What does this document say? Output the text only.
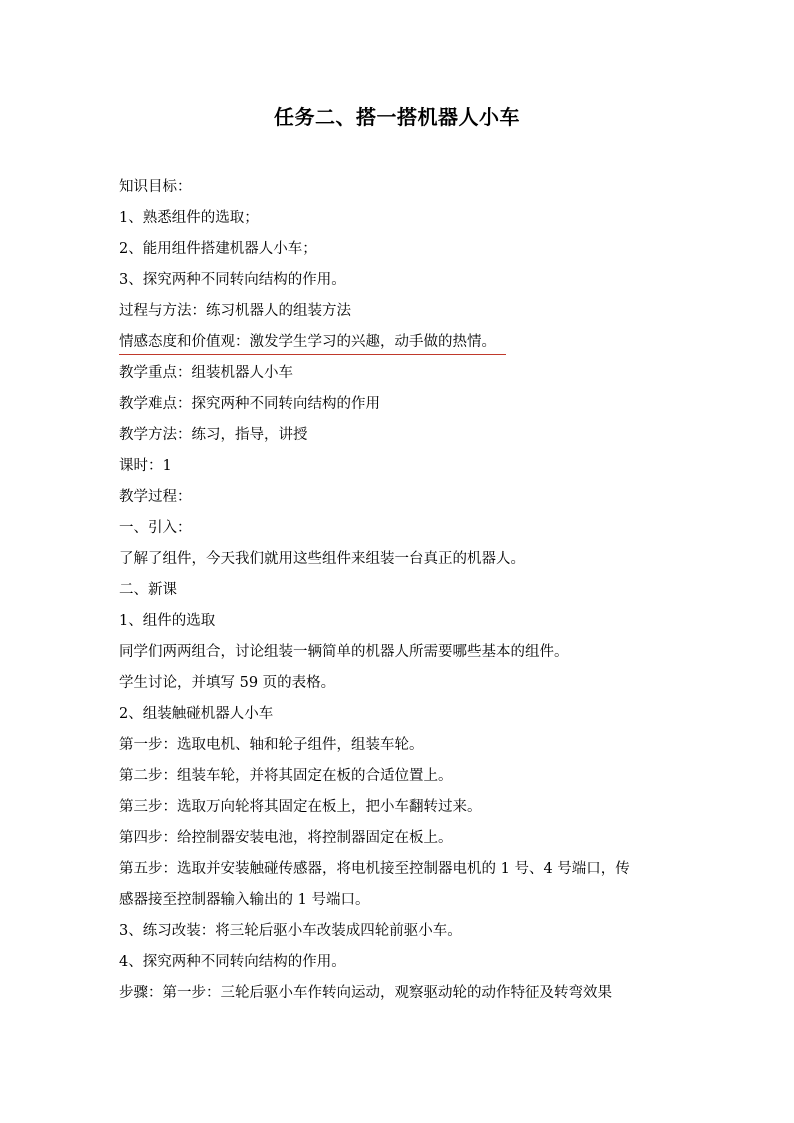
任务二、搭一搭机器人小车

知识目标：

1、熟悉组件的选取；

2、能用组件搭建机器人小车；

3、探究两种不同转向结构的作用。

过程与方法：练习机器人的组装方法

情感态度和价值观：激发学生学习的兴趣，动手做的热情。

教学重点：组装机器人小车

教学难点：探究两种不同转向结构的作用

教学方法：练习，指导，讲授

课时：1

教学过程：

一、引入：

了解了组件，今天我们就用这些组件来组装一台真正的机器人。

二、新课

1、组件的选取

同学们两两组合，讨论组装一辆简单的机器人所需要哪些基本的组件。

学生讨论，并填写 59 页的表格。

2、组装触碰机器人小车

第一步：选取电机、轴和轮子组件，组装车轮。

第二步：组装车轮，并将其固定在板的合适位置上。

第三步：选取万向轮将其固定在板上，把小车翻转过来。

第四步：给控制器安装电池，将控制器固定在板上。

第五步：选取并安装触碰传感器，将电机接至控制器电机的 1 号、4 号端口，传

感器接至控制器输入输出的 1 号端口。

3、练习改装：将三轮后驱小车改装成四轮前驱小车。

4、探究两种不同转向结构的作用。

步骤：第一步：三轮后驱小车作转向运动，观察驱动轮的动作特征及转弯效果
